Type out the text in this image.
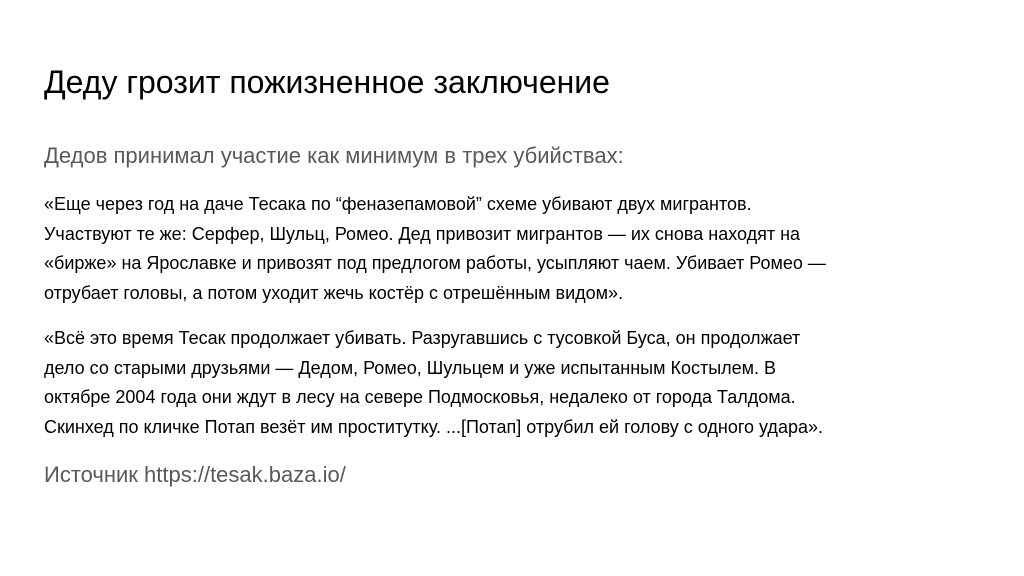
Деду грозит пожизненное заключение
Дедов принимал участие как минимум в трех убийствах:
«Еще через год на даче Тесака по “феназепамовой” схеме убивают двух мигрантов.
Участвуют те же: Серфер, Шульц, Ромео. Дед привозит мигрантов — их снова находят на
«бирже» на Ярославке и привозят под предлогом работы, усыпляют чаем. Убивает Ромео —
отрубает головы, а потом уходит жечь костёр с отрешённым видом».
«Всё это время Тесак продолжает убивать. Разругавшись с тусовкой Буса, он продолжает
дело со старыми друзьями — Дедом, Ромео, Шульцем и уже испытанным Костылем. В
октябре 2004 года они ждут в лесу на севере Подмосковья, недалеко от города Талдома.
Скинхед по кличке Потап везёт им проститутку. ...[Потап] отрубил ей голову с одного удара».
Источник https://tesak.baza.io/
